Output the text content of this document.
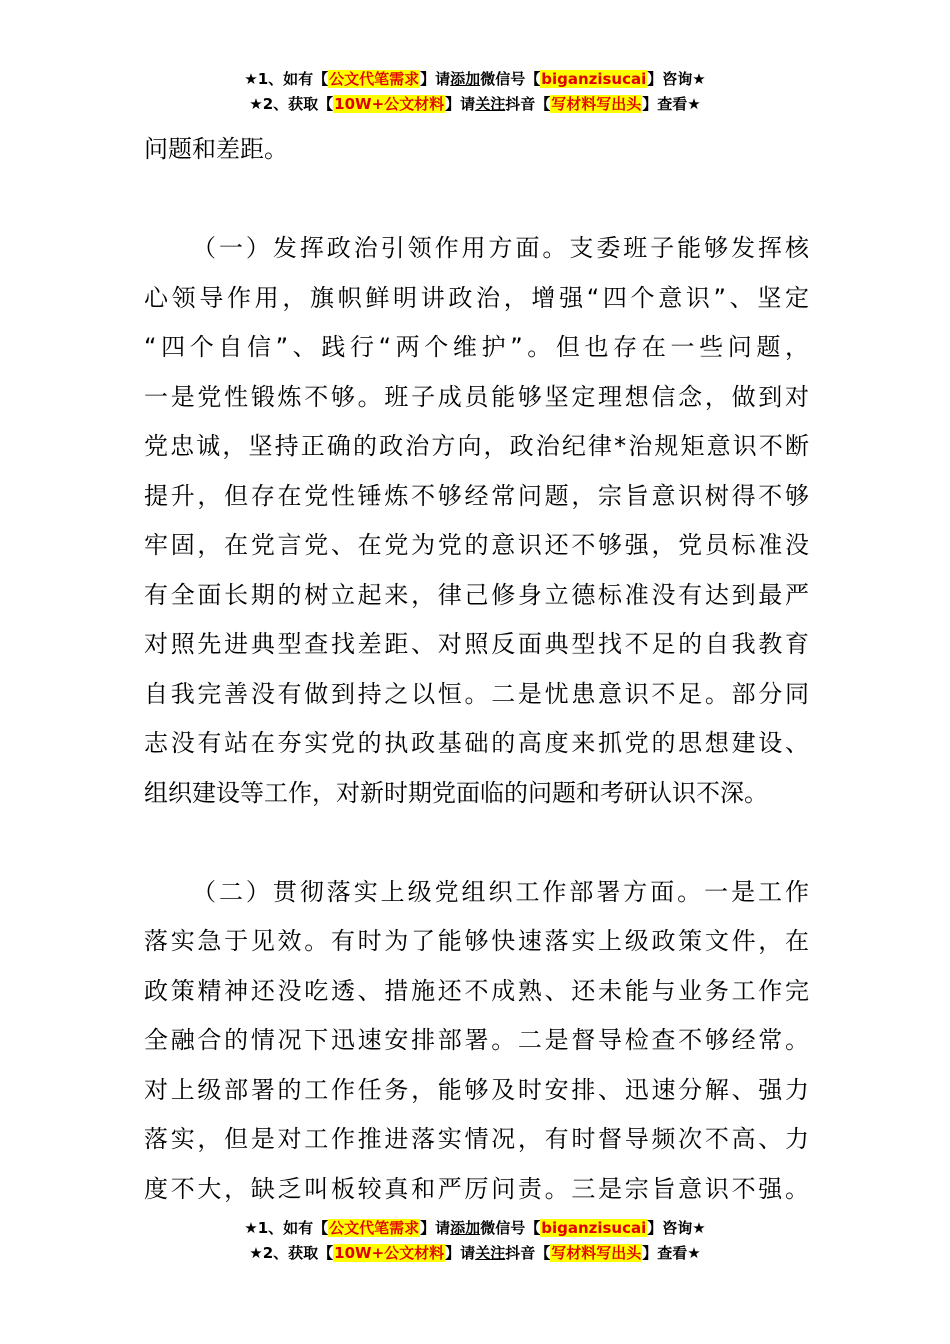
★1、如有【公文代笔需求】请添加微信号【biganzisucai】咨询★
★2、获取【10W+公文材料】请关注抖音【写材料写出头】查看★
问题和差距。
（一）发挥政治引领作用方面。支委班子能够发挥核
心领导作用，旗帜鲜明讲政治，增强“四个意识”、坚定
“四个自信”、践行“两个维护”。但也存在一些问题，
一是党性锻炼不够。班子成员能够坚定理想信念，做到对
党忠诚，坚持正确的政治方向，政治纪律*治规矩意识不断
提升，但存在党性锤炼不够经常问题，宗旨意识树得不够
牢固，在党言党、在党为党的意识还不够强，党员标准没
有全面长期的树立起来，律己修身立德标准没有达到最严
对照先进典型查找差距、对照反面典型找不足的自我教育
自我完善没有做到持之以恒。二是忧患意识不足。部分同
志没有站在夯实党的执政基础的高度来抓党的思想建设、
组织建设等工作，对新时期党面临的问题和考研认识不深。
（二）贯彻落实上级党组织工作部署方面。一是工作
落实急于见效。有时为了能够快速落实上级政策文件，在
政策精神还没吃透、措施还不成熟、还未能与业务工作完
全融合的情况下迅速安排部署。二是督导检查不够经常。
对上级部署的工作任务，能够及时安排、迅速分解、强力
落实，但是对工作推进落实情况，有时督导频次不高、力
度不大，缺乏叫板较真和严厉问责。三是宗旨意识不强。
★1、如有【公文代笔需求】请添加微信号【biganzisucai】咨询★
★2、获取【10W+公文材料】请关注抖音【写材料写出头】查看★
